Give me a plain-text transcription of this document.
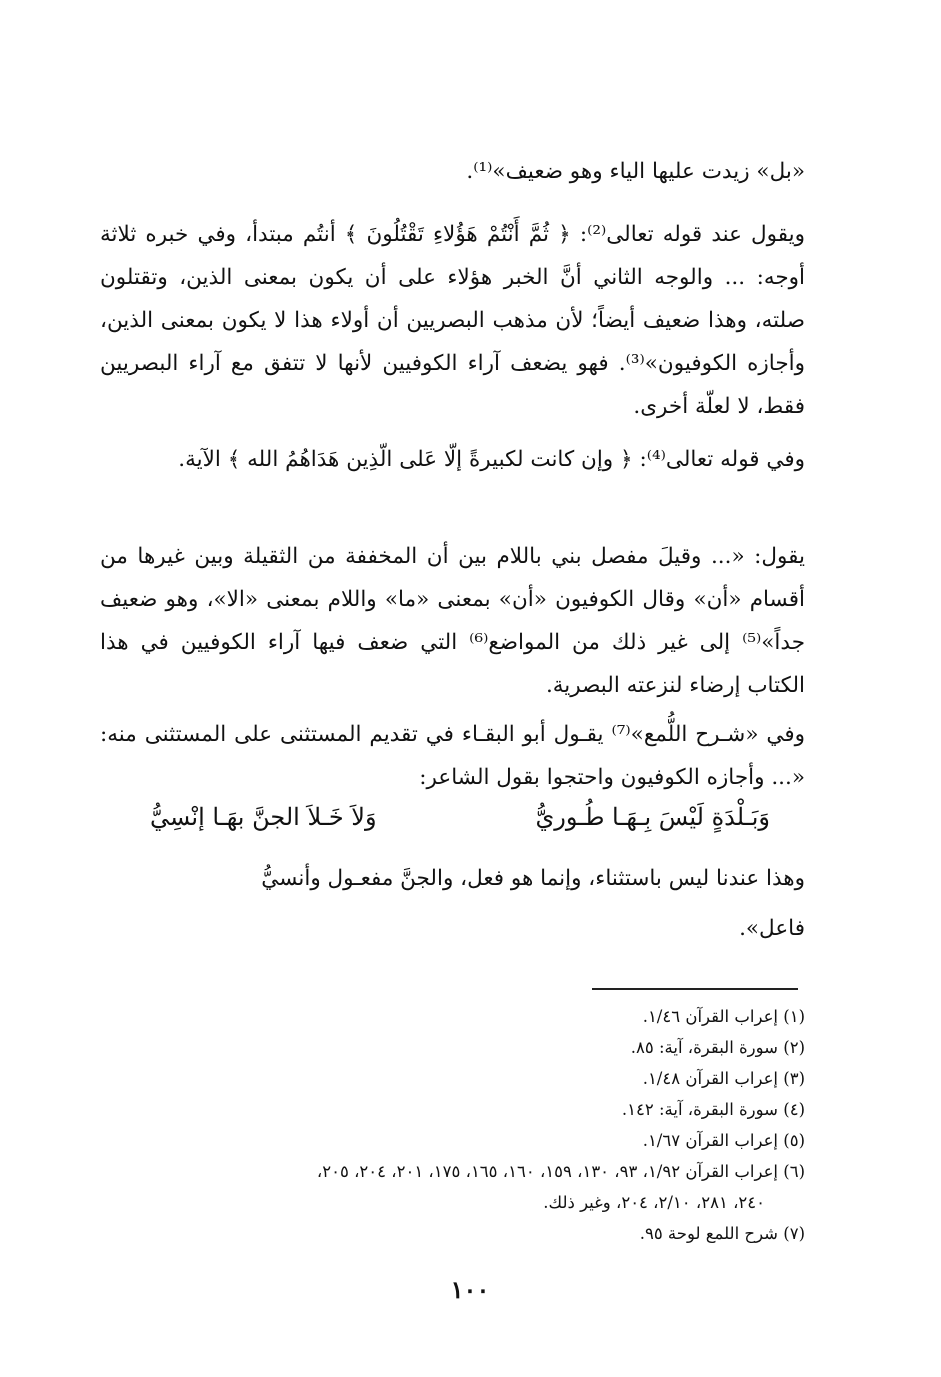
«بل» زيدت عليها الياء وهو ضعيف»⁽¹⁾.

ويقول عند قوله تعالى⁽²⁾: ﴿ ثُمَّ أَنْتُمْ هَؤُلاءِ تَقْتُلُونَ ﴾ أنتُم مبتدأ، وفي خبره ثلاثة أوجه: ... والوجه الثاني أنَّ الخبر هؤلاء على أن يكون بمعنى الذين، وتقتلون صلته، وهذا ضعيف أيضاً؛ لأن مذهب البصريين أن أولاء هذا لا يكون بمعنى الذين، وأجازه الكوفيون»⁽³⁾. فهو يضعف آراء الكوفيين لأنها لا تتفق مع آراء البصريين فقط، لا لعلّة أخرى.

وفي قوله تعالى⁽⁴⁾: ﴿ وإن كانت لكبيرةً إلّا عَلى الّذِين هَدَاهُمُ الله ﴾ الآية.

يقول: «... وقيلَ مفصل بني باللام بين أن المخففة من الثقيلة وبين غيرها من أقسام «أن» وقال الكوفيون «أن» بمعنى «ما» واللام بمعنى «الا»، وهو ضعيف جداً»⁽⁵⁾ إلى غير ذلك من المواضع⁽⁶⁾ التي ضعف فيها آراء الكوفيين في هذا الكتاب إرضاء لنزعته البصرية.

وفي «شـرح اللُّمع»⁽⁷⁾ يقـول أبو البقـاء في تقديم المستثنى على المستثنى منه: «... وأجازه الكوفيون واحتجوا بقول الشاعر:

وَبَـلْدَةٍ لَيْسَ بِـهَـا طُـوريُّ
وَلاَ خَـلاَ الجنَّ بهَـا إنْسِيُّ

وهذا عندنا ليس باستثناء، وإنما هو فعل، والجنَّ مفعـول وأنسيُّ

فاعل».

(١) إعراب القرآن ١/٤٦.

(٢) سورة البقرة، آية: ٨٥.

(٣) إعراب القرآن ١/٤٨.

(٤) سورة البقرة، آية: ١٤٢.

(٥) إعراب القرآن ١/٦٧.

(٦) إعراب القرآن ١/٩٢، ٩٣، ١٣٠، ١٥٩، ١٦٠، ١٦٥، ١٧٥، ٢٠١، ٢٠٤، ٢٠٥،

٢٤٠، ٢٨١، ٢/١٠، ٢٠٤، وغير ذلك.

(٧) شرح اللمع لوحة ٩٥.

١٠٠
